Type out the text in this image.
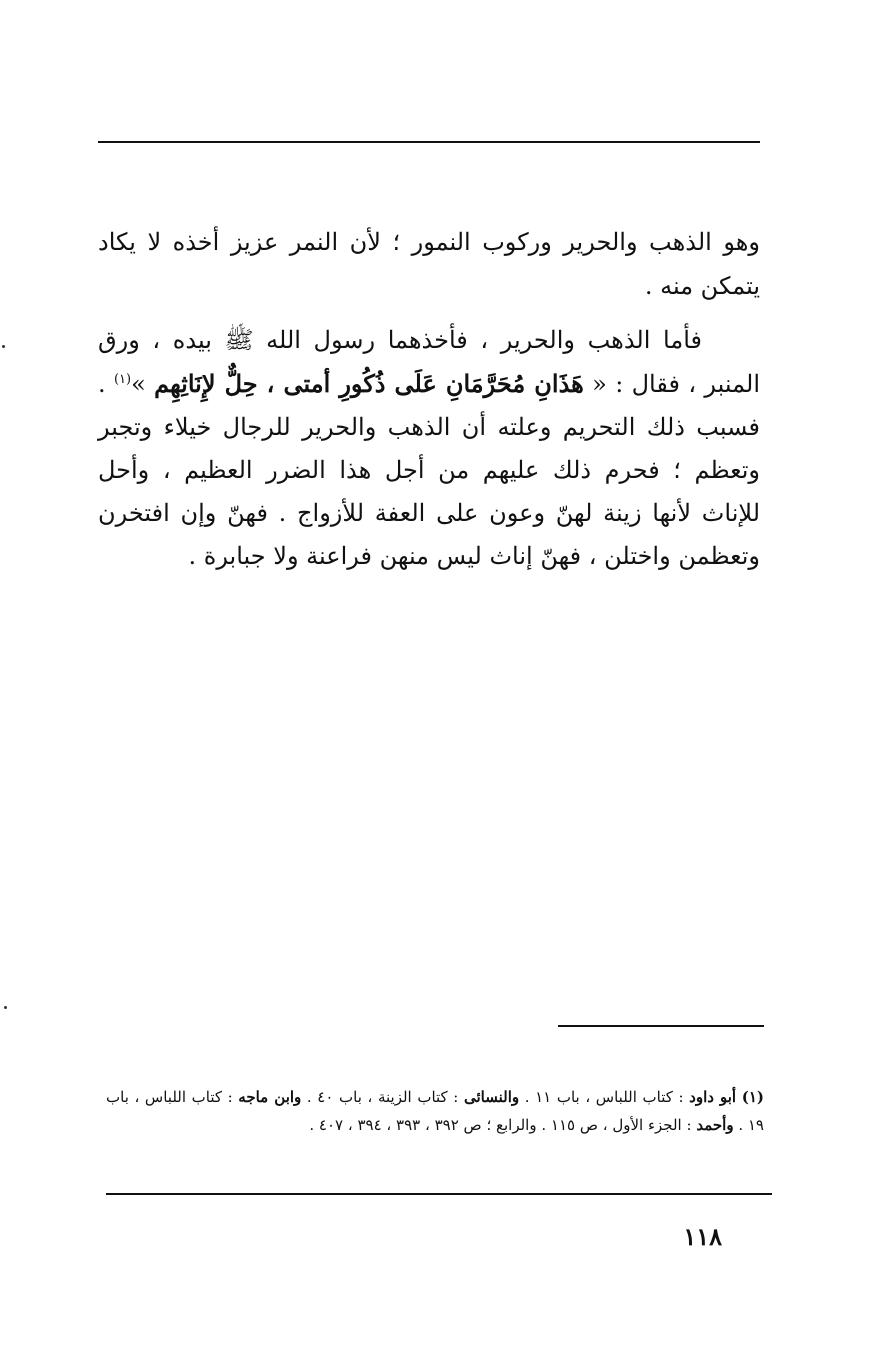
وهو الذهب والحرير وركوب النمور ؛ لأن النمر عزيز أخذه لا يكاد يتمكن منه .

فأما الذهب والحرير ، فأخذهما رسول الله ﷺ بيده ، ورق المنبر ، فقال : « هَذَانِ مُحَرَّمَانِ عَلَى ذُكُورِ أمتى ، حِلٌّ لإِنَاثِهِم »$^{(١)}$ . فسبب ذلك التحريم وعلته أن الذهب والحرير للرجال خيلاء وتجبر وتعظم ؛ فحرم ذلك عليهم من أجل هذا الضرر العظيم ، وأحل للإناث لأنها زينة لهنّ وعون على العفة للأزواج . فهنّ وإن افتخرن وتعظمن واختلن ، فهنّ إناث ليس منهن فراعنة ولا جبابرة .

(١) أبو داود : كتاب اللباس ، باب ١١ . والنسائى : كتاب الزينة ، باب ٤٠ . وابن ماجه : كتاب اللباس ، باب ١٩ . وأحمد : الجزء الأول ، ص ١١٥ . والرابع ؛ ص ٣٩٢ ، ٣٩٣ ، ٣٩٤ ، ٤٠٧ .

١١٨
